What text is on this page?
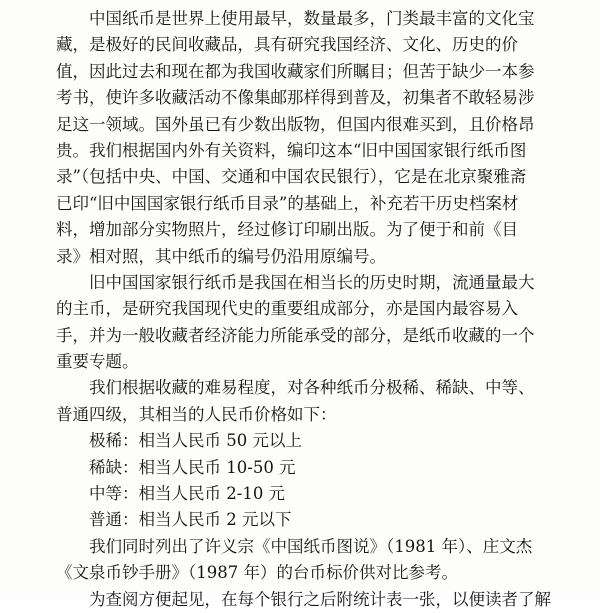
中国纸币是世界上使用最早，数量最多，门类最丰富的文化宝
藏，是极好的民间收藏品，具有研究我国经济、文化、历史的价
值，因此过去和现在都为我国收藏家们所瞩目；但苦于缺少一本参
考书，使许多收藏活动不像集邮那样得到普及，初集者不敢轻易涉
足这一领域。国外虽已有少数出版物，但国内很难买到，且价格昂
贵。我们根据国内外有关资料，编印这本“旧中国国家银行纸币图
录”（包括中央、中国、交通和中国农民银行），它是在北京聚雅斋
已印“旧中国国家银行纸币目录”的基础上，补充若干历史档案材
料，增加部分实物照片，经过修订印刷出版。为了便于和前《目
录》相对照，其中纸币的编号仍沿用原编号。
旧中国国家银行纸币是我国在相当长的历史时期，流通量最大
的主币，是研究我国现代史的重要组成部分，亦是国内最容易入
手，并为一般收藏者经济能力所能承受的部分，是纸币收藏的一个
重要专题。
我们根据收藏的难易程度，对各种纸币分极稀、稀缺、中等、
普通四级，其相当的人民币价格如下：
极稀：相当人民币 50 元以上
稀缺：相当人民币 10-50 元
中等：相当人民币 2-10 元
普通：相当人民币 2 元以下
我们同时列出了许义宗《中国纸币图说》（1981 年）、庄文杰
《文泉币钞手册》（1987 年）的台币标价供对比参考。
为查阅方便起见，在每个银行之后附统计表一张，以便读者了解
